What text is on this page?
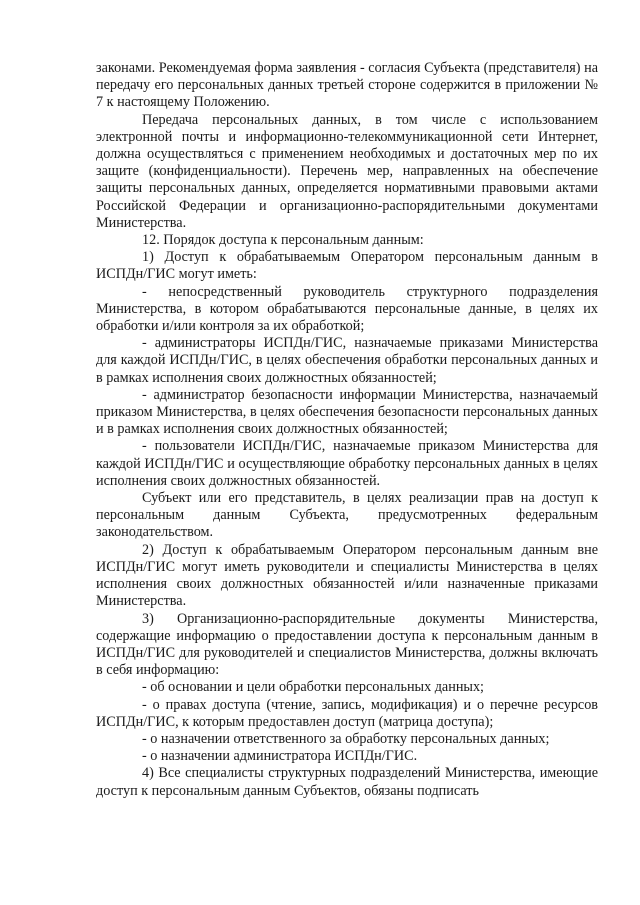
законами. Рекомендуемая форма заявления - согласия Субъекта (представителя) на передачу его персональных данных третьей стороне содержится в приложении № 7 к настоящему Положению.

Передача персональных данных, в том числе с использованием электронной почты и информационно-телекоммуникационной сети Интернет, должна осуществляться с применением необходимых и достаточных мер по их защите (конфиденциальности). Перечень мер, направленных на обеспечение защиты персональных данных, определяется нормативными правовыми актами Российской Федерации и организационно-распорядительными документами Министерства.

12. Порядок доступа к персональным данным:

1) Доступ к обрабатываемым Оператором персональным данным в ИСПДн/ГИС могут иметь:

- непосредственный руководитель структурного подразделения Министерства, в котором обрабатываются персональные данные, в целях их обработки и/или контроля за их обработкой;

- администраторы ИСПДн/ГИС, назначаемые приказами Министерства для каждой ИСПДн/ГИС, в целях обеспечения обработки персональных данных и в рамках исполнения своих должностных обязанностей;

- администратор безопасности информации Министерства, назначаемый приказом Министерства, в целях обеспечения безопасности персональных данных и в рамках исполнения своих должностных обязанностей;

- пользователи ИСПДн/ГИС, назначаемые приказом Министерства для каждой ИСПДн/ГИС и осуществляющие обработку персональных данных в целях исполнения своих должностных обязанностей.

Субъект или его представитель, в целях реализации прав на доступ к персональным данным Субъекта, предусмотренных федеральным законодательством.

2) Доступ к обрабатываемым Оператором персональным данным вне ИСПДн/ГИС могут иметь руководители и специалисты Министерства в целях исполнения своих должностных обязанностей и/или назначенные приказами Министерства.

3) Организационно-распорядительные документы Министерства, содержащие информацию о предоставлении доступа к персональным данным в ИСПДн/ГИС для руководителей и специалистов Министерства, должны включать в себя информацию:

- об основании и цели обработки персональных данных;

- о правах доступа (чтение, запись, модификация) и о перечне ресурсов ИСПДн/ГИС, к которым предоставлен доступ (матрица доступа);

- о назначении ответственного за обработку персональных данных;

- о назначении администратора ИСПДн/ГИС.

4) Все специалисты структурных подразделений Министерства, имеющие доступ к персональным данным Субъектов, обязаны подписать
